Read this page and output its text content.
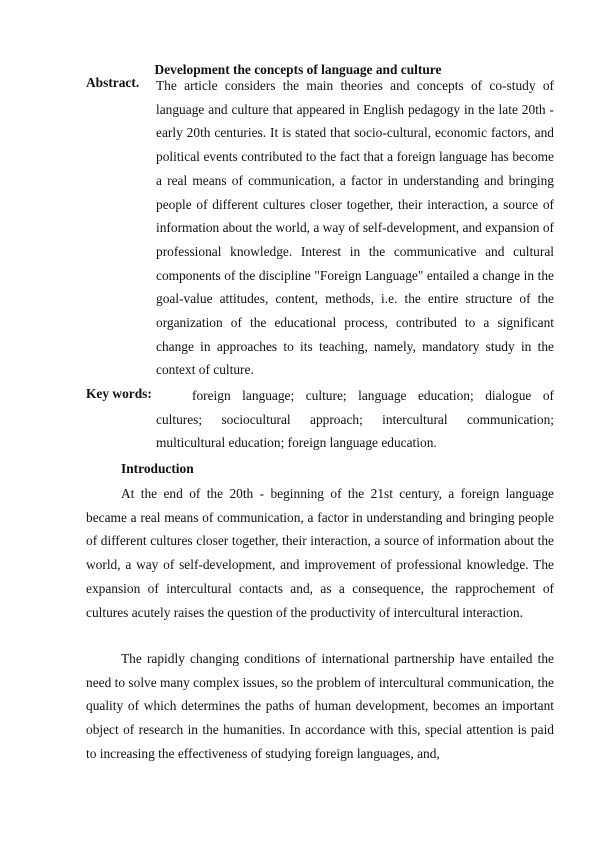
Development the concepts of language and culture
Abstract. The article considers the main theories and concepts of co-study of language and culture that appeared in English pedagogy in the late 20th - early 20th centuries. It is stated that socio-cultural, economic factors, and political events contributed to the fact that a foreign language has become a real means of communication, a factor in understanding and bringing people of different cultures closer together, their interaction, a source of information about the world, a way of self-development, and expansion of professional knowledge. Interest in the communicative and cultural components of the discipline "Foreign Language" entailed a change in the goal-value attitudes, content, methods, i.e. the entire structure of the organization of the educational process, contributed to a significant change in approaches to its teaching, namely, mandatory study in the context of culture.
Key words:	foreign language; culture; language education; dialogue of cultures; sociocultural approach; intercultural communication; multicultural education; foreign language education.
Introduction
At the end of the 20th - beginning of the 21st century, a foreign language became a real means of communication, a factor in understanding and bringing people of different cultures closer together, their interaction, a source of information about the world, a way of self-development, and improvement of professional knowledge. The expansion of intercultural contacts and, as a consequence, the rapprochement of cultures acutely raises the question of the productivity of intercultural interaction.
The rapidly changing conditions of international partnership have entailed the need to solve many complex issues, so the problem of intercultural communication, the quality of which determines the paths of human development, becomes an important object of research in the humanities. In accordance with this, special attention is paid to increasing the effectiveness of studying foreign languages, and,
